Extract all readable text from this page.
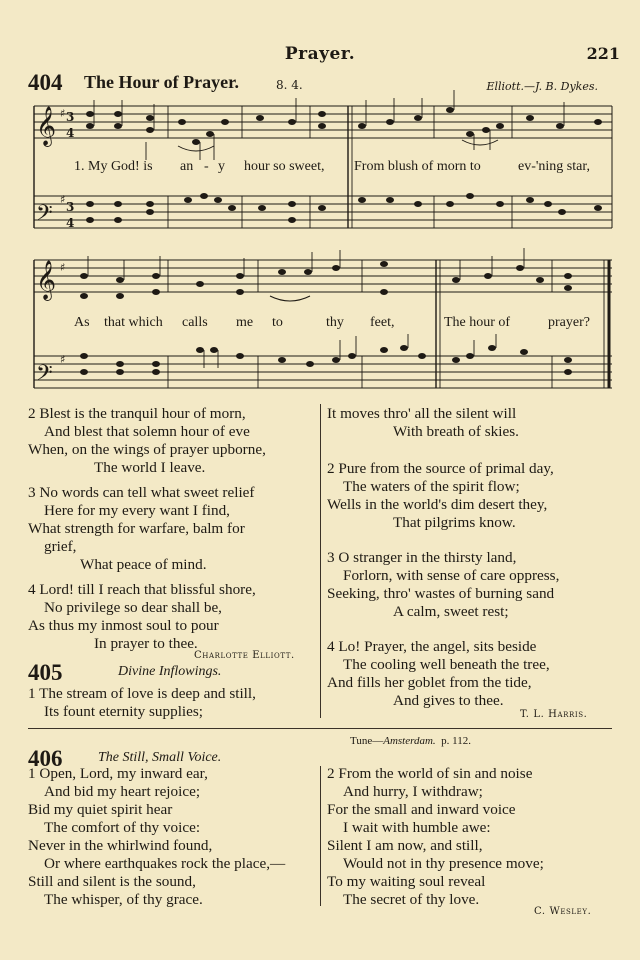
Prayer.	221
404 The Hour of Prayer.	8. 4.	Elliott.—J. B. Dykes.
𝄞
𝄢
♯
♯
3
4
3
4
𝄞
𝄢
♯
♯
1. My God! is an - y hour so sweet, From blush of morn to	ev-'ning star,
As that which calls me to	thy feet,	The hour of	prayer?
2 Blest is the tranquil hour of morn,
And blest that solemn hour of eve
When, on the wings of prayer upborne,
The world I leave.
3 No words can tell what sweet relief
Here for my every want I find,
What strength for warfare, balm for
grief,
What peace of mind.
4 Lord! till I reach that blissful shore,
No privilege so dear shall be,
As thus my inmost soul to pour
In prayer to thee.
Charlotte Elliott.
405	Divine Inflowings.
1 The stream of love is deep and still,
Its fount eternity supplies;
It moves thro' all the silent will
With breath of skies.
2 Pure from the source of primal day,
The waters of the spirit flow;
Wells in the world's dim desert they,
That pilgrims know.
3 O stranger in the thirsty land,
Forlorn, with sense of care oppress,
Seeking, thro' wastes of burning sand
A calm, sweet rest;
4 Lo! Prayer, the angel, sits beside
The cooling well beneath the tree,
And fills her goblet from the tide,
And gives to thee.
T. L. Harris.
Tune—Amsterdam. p. 112.
406	The Still, Small Voice.
1 Open, Lord, my inward ear,
And bid my heart rejoice;
Bid my quiet spirit hear
The comfort of thy voice:
Never in the whirlwind found,
Or where earthquakes rock the place,—
Still and silent is the sound,
The whisper, of thy grace.
2 From the world of sin and noise
And hurry, I withdraw;
For the small and inward voice
I wait with humble awe:
Silent I am now, and still,
Would not in thy presence move;
To my waiting soul reveal
The secret of thy love.
C. Wesley.
